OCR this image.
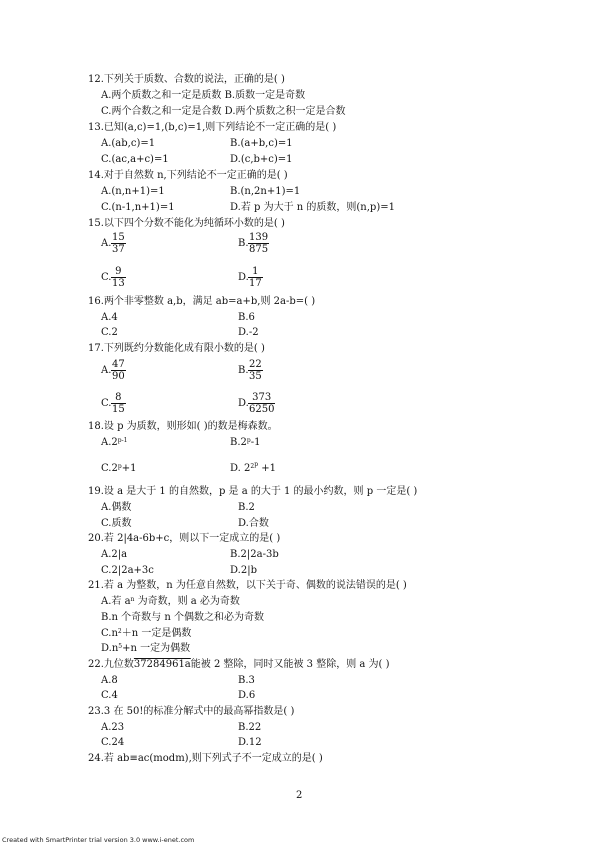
12.下列关于质数、合数的说法，正确的是( )
A.两个质数之和一定是质数 B.质数一定是奇数
C.两个合数之和一定是合数 D.两个质数之积一定是合数
13.已知(a,c)=1,(b,c)=1,则下列结论不一定正确的是( )
A.(ab,c)=1	B.(a+b,c)=1
C.(ac,a+c)=1	D.(c,b+c)=1
14.对于自然数 n,下列结论不一定正确的是( )
A.(n,n+1)=1	B.(n,2n+1)=1
C.(n-1,n+1)=1	D.若 p 为大于 n 的质数，则(n,p)=1
15.以下四个分数不能化为纯循环小数的是( )
A. $\frac{15}{37}$	B. $\frac{139}{875}$
C. $\frac{9}{13}$	D. $\frac{1}{17}$
16.两个非零整数 a,b，满足 ab=a+b,则 2a-b=( )
A.4	B.6
C.2	D.-2
17.下列既约分数能化成有限小数的是( )
A. $\frac{47}{90}$	B. $\frac{22}{35}$
C. $\frac{8}{15}$	D. $\frac{373}{6250}$
18.设 p 为质数，则形如( )的数是梅森数。
A.2$^{p-1}$	B.2$^p$-1
$C.2^p+1$	D. $2^{2^p} +1$
19.设 a 是大于 1 的自然数，p 是 a 的大于 1 的最小约数，则 p 一定是( )
A.偶数	B.2
C.质数	D.合数
20.若 2|4a-6b+c，则以下一定成立的是( )
A.2|a	B.2|2a-3b
C.2|2a+3c	D.2|b
21.若 a 为整数，n 为任意自然数，以下关于奇、偶数的说法错误的是( )
A.若 $a^n$ 为奇数，则 a 必为奇数
B.n 个奇数与 n 个偶数之和必为奇数
$C.n^2+n$ 一定是偶数
$D.n^5+n$ 一定为偶数
22.九位数37284961a能被 2 整除，同时又能被 3 整除，则 a 为( )
A.8	B.3
C.4	D.6
23.3 在 50!的标准分解式中的最高幂指数是( )
A.23	B.22
C.24	D.12
24.若 ab≡ac(modm),则下列式子不一定成立的是( )
2
Created with SmartPrinter trial version 3.0 www.i-enet.com
